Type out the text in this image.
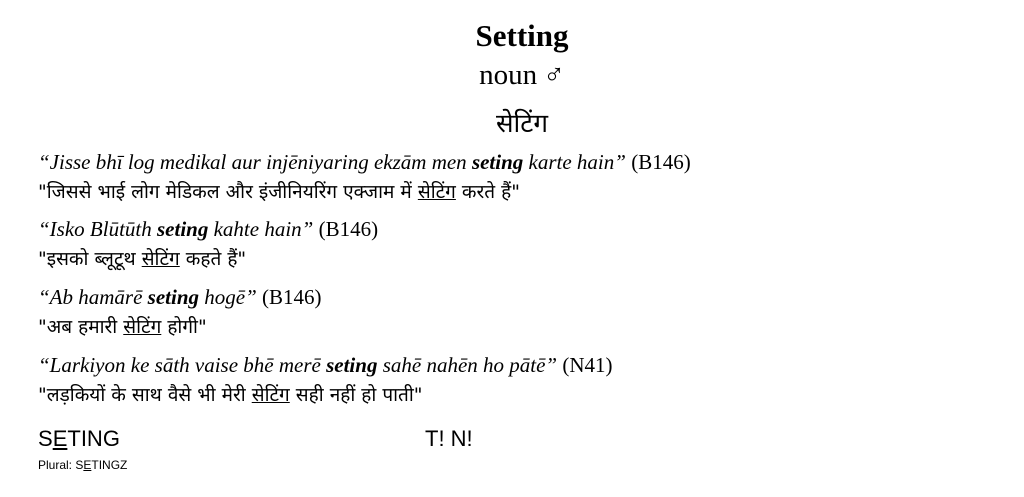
Setting
noun ♂
सेटिंग
“Jisse bhī log medikal aur injēniyaring ekzām men seting karte hain” (B146)
"जिससे भाई लोग मेडिकल और इंजीनियरिंग एक्जाम में सेटिंग करते हैं"
“Isko Blūtūth seting kahte hain” (B146)
"इसको ब्लूटूथ सेटिंग कहते हैं"
“Ab hamārē seting hogē” (B146)
"अब हमारी सेटिंग होगी"
“Larkiyon ke sāth vaise bhē merē seting sahē nahēn ho pātē” (N41)
"लड़कियों के साथ वैसे भी मेरी सेटिंग सही नहीं हो पाती"
SETING	T! N!
Plural: SETINGZ
